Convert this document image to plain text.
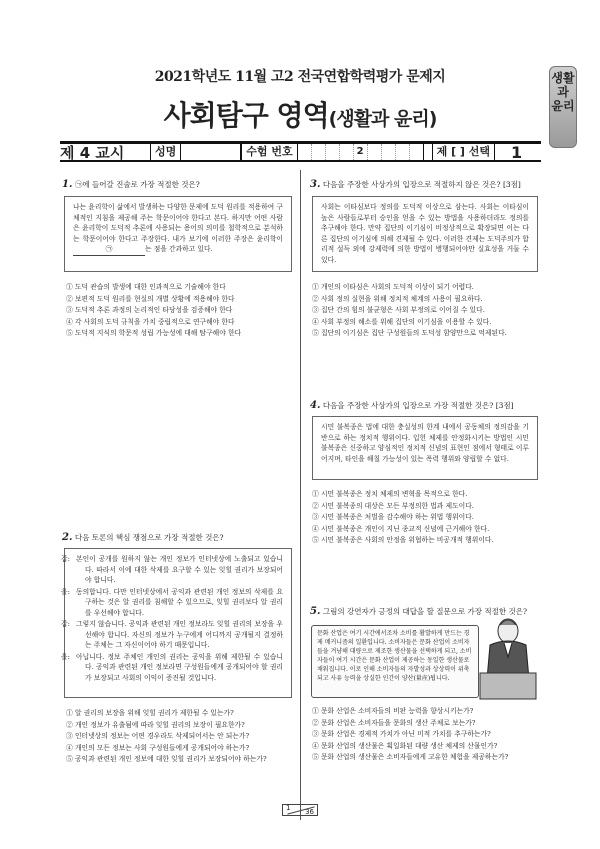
2021학년도 11월 고2 전국연합학력평가 문제지
사회탐구 영역(생활과 윤리)
생활과 윤리
제 4 교시	성명	수험 번호	2	제 [ ] 선택	1
1. ㉠에 들어갈 진술로 가장 적절한 것은?
나는 윤리학이 삶에서 발생하는 다양한 문제에 도덕 원리를 적용하여 구체적인 지침을 제공해 주는 학문이어야 한다고 본다. 하지만 어떤 사람은 윤리학이 도덕적 추론에 사용되는 용어의 의미를 철학적으로 분석하는 학문이어야 한다고 주장한다. 내가 보기에 이러한 주장은 윤리학이㉠	는 점을 간과하고 있다.
① 도덕 관습의 발생에 대한 인과적으로 기술해야 한다
② 보편적 도덕 원리를 현실의 개별 상황에 적용해야 한다
③ 도덕적 추론 과정의 논리적인 타당성을 검증해야 한다
④ 각 사회의 도덕 규칙을 가치 중립적으로 연구해야 한다
⑤ 도덕적 지식의 학문적 성립 가능성에 대해 탐구해야 한다
2. 다음 토론의 핵심 쟁점으로 가장 적절한 것은?
갑: 본인이 공개를 원하지 않는 개인 정보가 인터넷상에 노출되고 있습니다. 따라서 이에 대한 삭제를 요구할 수 있는 잊힐 권리가 보장되어야 합니다.
을: 동의합니다. 다만 인터넷상에서 공익과 관련된 개인 정보의 삭제를 요구하는 것은 알 권리를 침해할 수 있으므로, 잊힐 권리보다 알 권리를 우선해야 합니다.
갑: 그렇지 않습니다. 공익과 관련된 개인 정보라도 잊힐 권리의 보장을 우선해야 합니다. 자신의 정보가 누구에게 어디까지 공개될지 결정하는 주체는 그 자신이어야 하기 때문입니다.
을: 아닙니다. 정보 주체인 개인의 권리는 공익을 위해 제한될 수 있습니다. 공익과 관련된 개인 정보라면 구성원들에게 공개되어야 할 권리가 보장되고 사회의 이익이 증진될 것입니다.
① 알 권리의 보장을 위해 잊힐 권리가 제한될 수 있는가?
② 개인 정보가 유출됨에 따라 잊힐 권리의 보장이 필요한가?
③ 인터넷상의 정보는 어떤 경우라도 삭제되어서는 안 되는가?
④ 개인의 모든 정보는 사회 구성원들에게 공개되어야 하는가?
⑤ 공익과 관련된 개인 정보에 대한 잊힐 권리가 보장되어야 하는가?
3. 다음을 주장한 사상가의 입장으로 적절하지 않은 것은? [3점]
사회는 이타심보다 정의를 도덕적 이상으로 삼는다. 사회는 이타심이 높은 사람들로부터 승인을 얻을 수 있는 방법을 사용하더라도 정의를 추구해야 한다. 만약 집단의 이기심이 비정상적으로 확장되면 이는 다른 집단의 이기심에 의해 견제될 수 있다. 이러한 견제는 도덕주의가 합리적 설득 외에 강제력에 의한 방법이 병행되어야만 실효성을 거둘 수 있다.
① 개인의 이타심은 사회의 도덕적 이상이 되기 어렵다.
② 사회 정의 실현을 위해 정치적 체계의 사용이 필요하다.
③ 집단 간의 힘의 불균형은 사회 부정의로 이어질 수 있다.
④ 사회 부정의 해소를 위해 집단의 이기심을 이용할 수 있다.
⑤ 집단의 이기심은 집단 구성원들의 도덕성 함양만으로 억제된다.
4. 다음을 주장한 사상가의 입장으로 가장 적절한 것은? [3점]
시민 불복종은 법에 대한 충실성의 한계 내에서 공동체의 정의감을 기반으로 하는 정치적 행위이다. 입헌 체제를 안정화시키는 방법인 시민 불복종은 신중하고 양심적인 정치적 신념의 표현인 점에서 형태로 이루어지며, 타인을 해칠 가능성이 있는 폭력 행위와 양립할 수 없다.
① 시민 불복종은 정치 체제의 변혁을 목적으로 한다.
② 시민 불복종의 대상은 모든 부정의한 법과 제도이다.
③ 시민 불복종은 처벌을 감수해야 하는 위법 행위이다.
④ 시민 불복종은 개인이 지닌 종교적 신념에 근거해야 한다.
⑤ 시민 불복종은 사회의 안정을 위협하는 비공개적 행위이다.
5. 그림의 강연자가 긍정의 대답을 할 질문으로 가장 적절한 것은?
문화 산업은 여기 시간에서조차 소비를 활발하게 만드는 경제 메커니즘의 일환입니다. 소비자들은 문화 산업이 소비자들을 겨냥해 대량으로 제조한 생산물을 선택하게 되고, 소비자들이 여기 시간은 문화 산업이 제공하는 동일한 생산물로 채워집니다. 이로 인해 소비자들의 자발성과 상상력이 위축되고 사유 능력을 상실한 인간이 양산(量産)됩니다.
① 문화 산업은 소비자들의 비판 능력을 향상시키는가?
② 문화 산업은 소비자들을 문화의 생산 주체로 보는가?
③ 문화 산업은 경제적 가치가 아닌 미적 가치를 추구하는가?
④ 문화 산업의 생산물은 획일화된 대량 생산 체제의 산물인가?
⑤ 문화 산업의 생산물은 소비자들에게 고유한 체험을 제공하는가?
1 36
